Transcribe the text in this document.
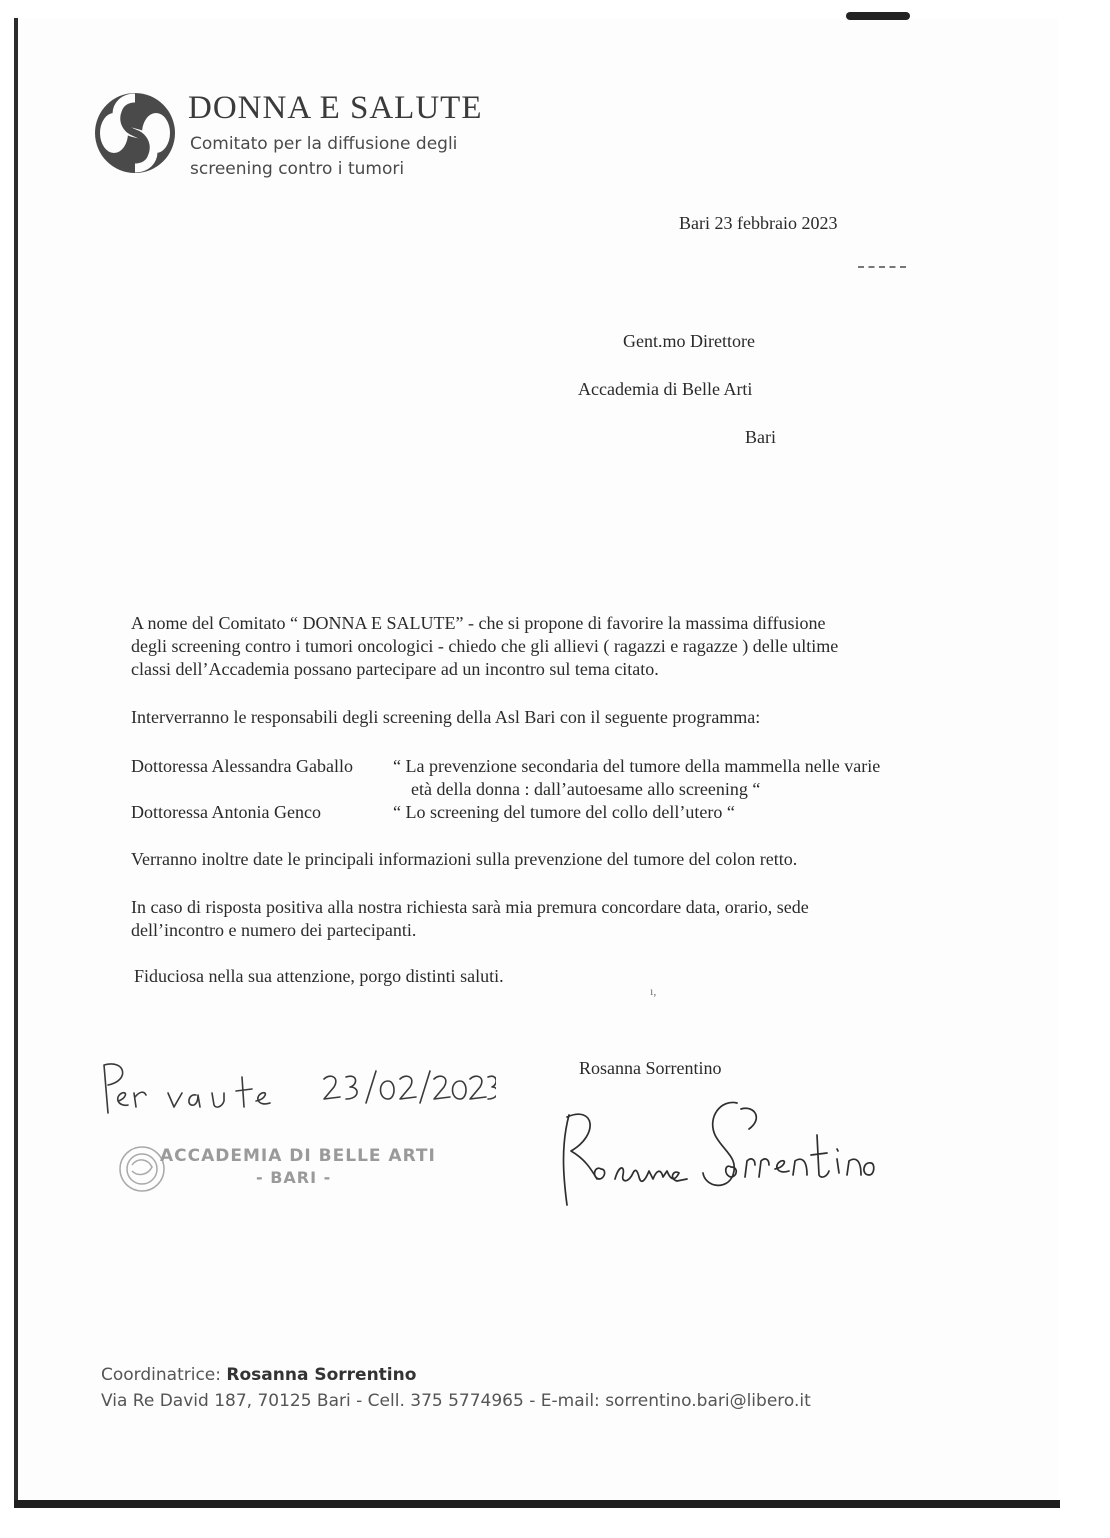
DONNA E SALUTE
Comitato per la diffusione degli
screening contro i tumori
Bari 23 febbraio 2023
Gent.mo Direttore
Accademia di Belle Arti
Bari
A nome del Comitato “ DONNA E SALUTE” - che si propone di favorire la massima diffusione
degli screening contro i tumori oncologici - chiedo che gli allievi ( ragazzi e ragazze ) delle ultime
classi dell’Accademia possano partecipare ad un incontro sul tema citato.
Interverranno le responsabili degli screening della Asl Bari con il seguente programma:
Dottoressa Alessandra Gaballo “ La prevenzione secondaria del tumore della mammella nelle varie
età della donna : dall’autoesame allo screening “
Dottoressa Antonia Genco	“ Lo screening del tumore del collo dell’utero “
Verranno inoltre date le principali informazioni sulla prevenzione del tumore del colon retto.
In caso di risposta positiva alla nostra richiesta sarà mia premura concordare data, orario, sede
dell’incontro e numero dei partecipanti.
Fiduciosa nella sua attenzione, porgo distinti saluti.
ı,
ACCADEMIA DI BELLE ARTI
- BARI -
Rosanna Sorrentino
Coordinatrice: Rosanna Sorrentino
Via Re David 187, 70125 Bari - Cell. 375 5774965 - E-mail: sorrentino.bari@libero.it
